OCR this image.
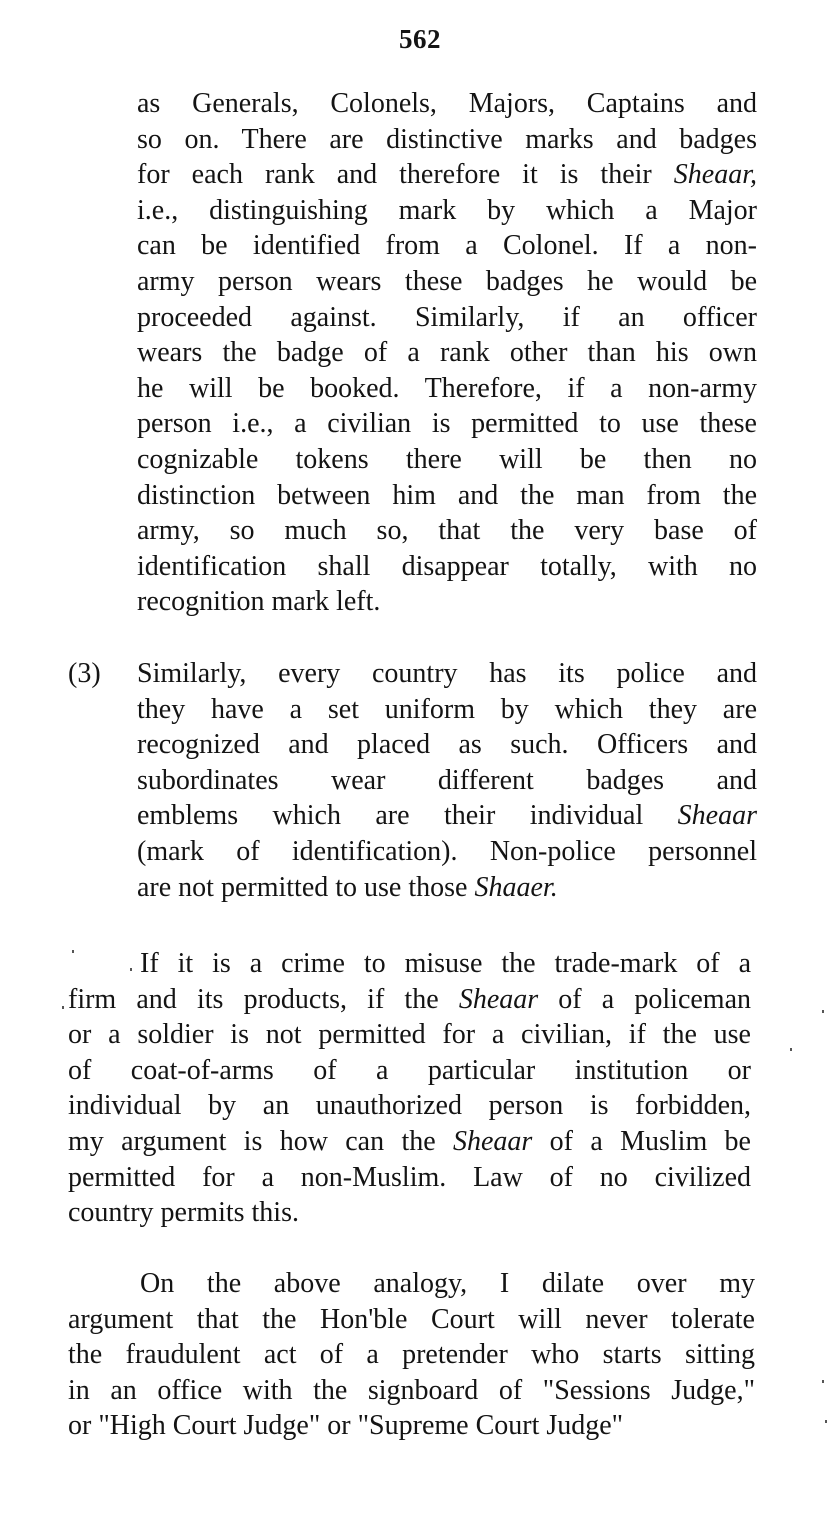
562
as Generals, Colonels, Majors, Captains and
so on. There are distinctive marks and badges
for each rank and therefore it is their Sheaar,
i.e., distinguishing mark by which a Major
can be identified from a Colonel. If a non-
army person wears these badges he would be
proceeded against. Similarly, if an officer
wears the badge of a rank other than his own
he will be booked. Therefore, if a non-army
person i.e., a civilian is permitted to use these
cognizable tokens there will be then no
distinction between him and the man from the
army, so much so, that the very base of
identification shall disappear totally, with no
recognition mark left.
(3) Similarly, every country has its police and
they have a set uniform by which they are
recognized and placed as such. Officers and
subordinates wear different badges and
emblems which are their individual Sheaar
(mark of identification). Non-police personnel
are not permitted to use those Shaaer.
If it is a crime to misuse the trade-mark of a
firm and its products, if the Sheaar of a policeman
or a soldier is not permitted for a civilian, if the use
of coat-of-arms of a particular institution or
individual by an unauthorized person is forbidden,
my argument is how can the Sheaar of a Muslim be
permitted for a non-Muslim. Law of no civilized
country permits this.
On the above analogy, I dilate over my
argument that the Hon'ble Court will never tolerate
the fraudulent act of a pretender who starts sitting
in an office with the signboard of "Sessions Judge,"
or "High Court Judge" or "Supreme Court Judge"
